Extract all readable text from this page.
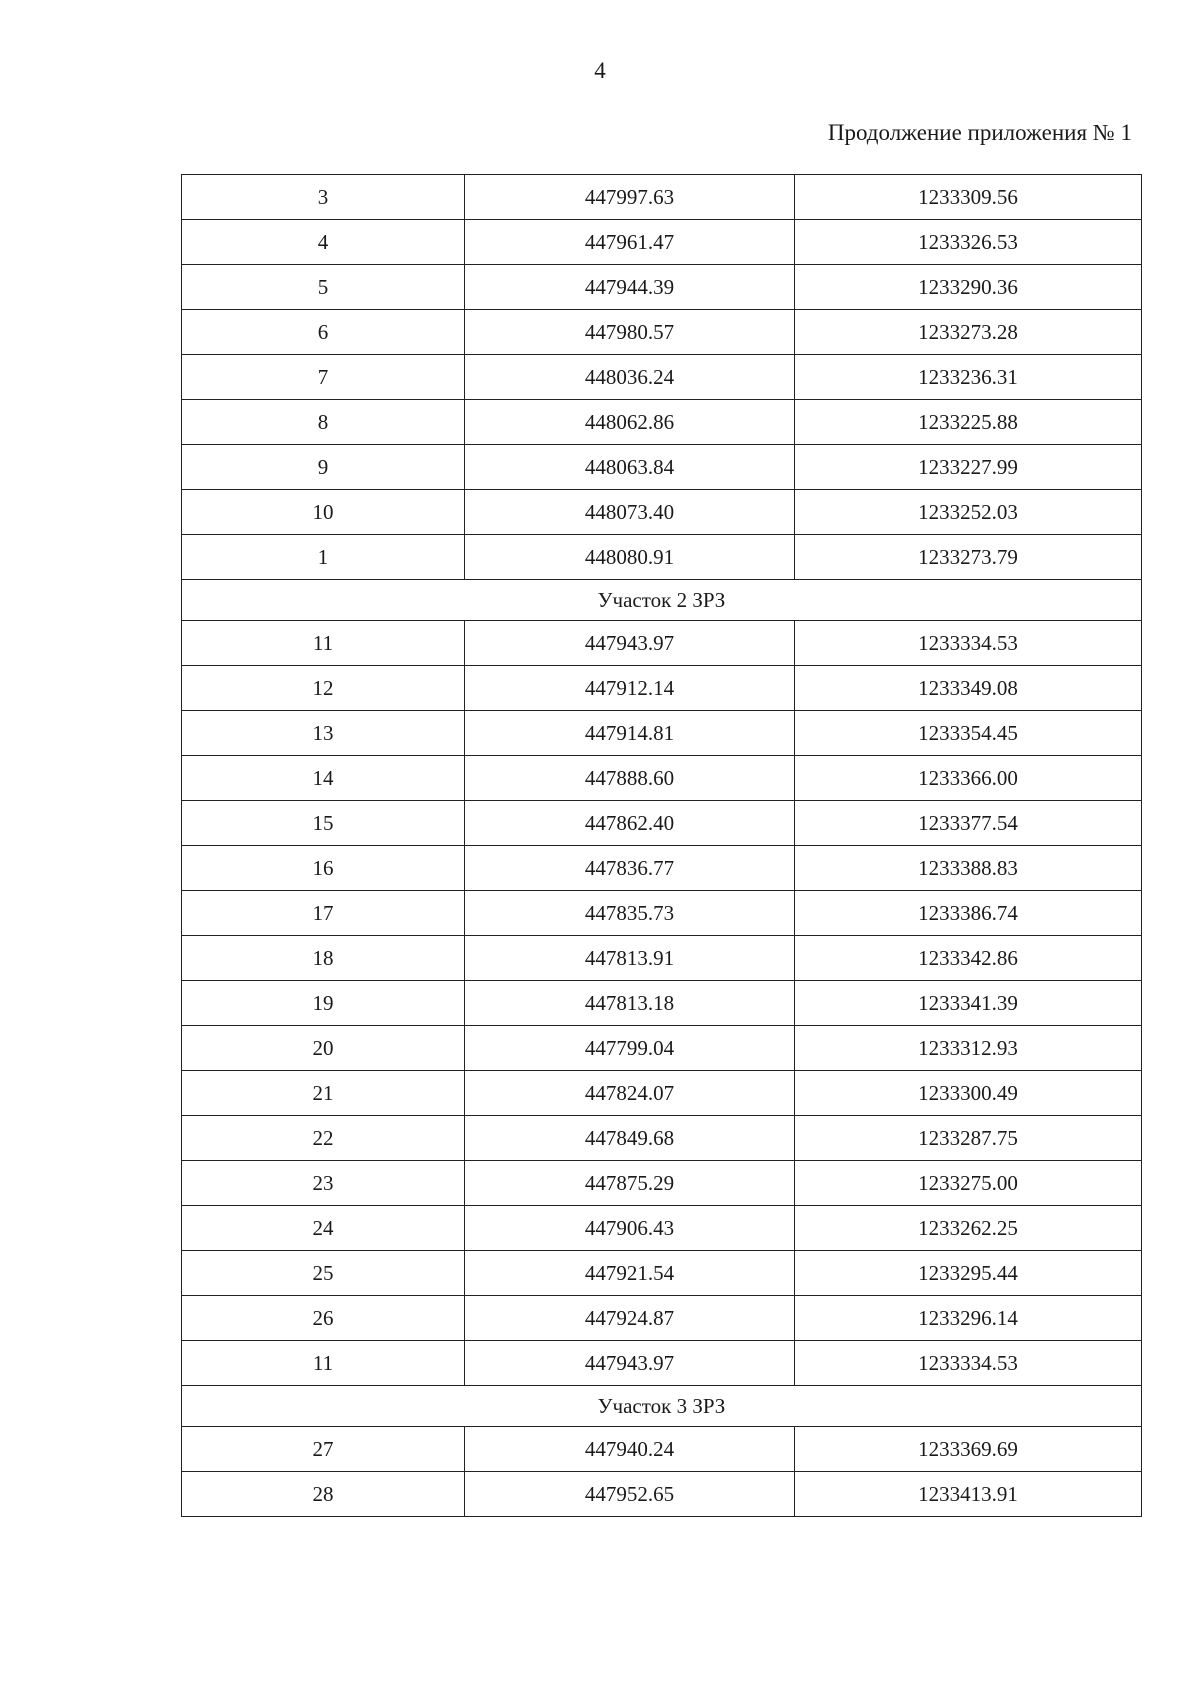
4
Продолжение приложения № 1
3	447997.63	1233309.56
4	447961.47	1233326.53
5	447944.39	1233290.36
6	447980.57	1233273.28
7	448036.24	1233236.31
8	448062.86	1233225.88
9	448063.84	1233227.99
10	448073.40	1233252.03
1	448080.91	1233273.79
Участок 2 ЗРЗ		
11	447943.97	1233334.53
12	447912.14	1233349.08
13	447914.81	1233354.45
14	447888.60	1233366.00
15	447862.40	1233377.54
16	447836.77	1233388.83
17	447835.73	1233386.74
18	447813.91	1233342.86
19	447813.18	1233341.39
20	447799.04	1233312.93
21	447824.07	1233300.49
22	447849.68	1233287.75
23	447875.29	1233275.00
24	447906.43	1233262.25
25	447921.54	1233295.44
26	447924.87	1233296.14
11	447943.97	1233334.53
Участок 3 ЗРЗ		
27	447940.24	1233369.69
28	447952.65	1233413.91
